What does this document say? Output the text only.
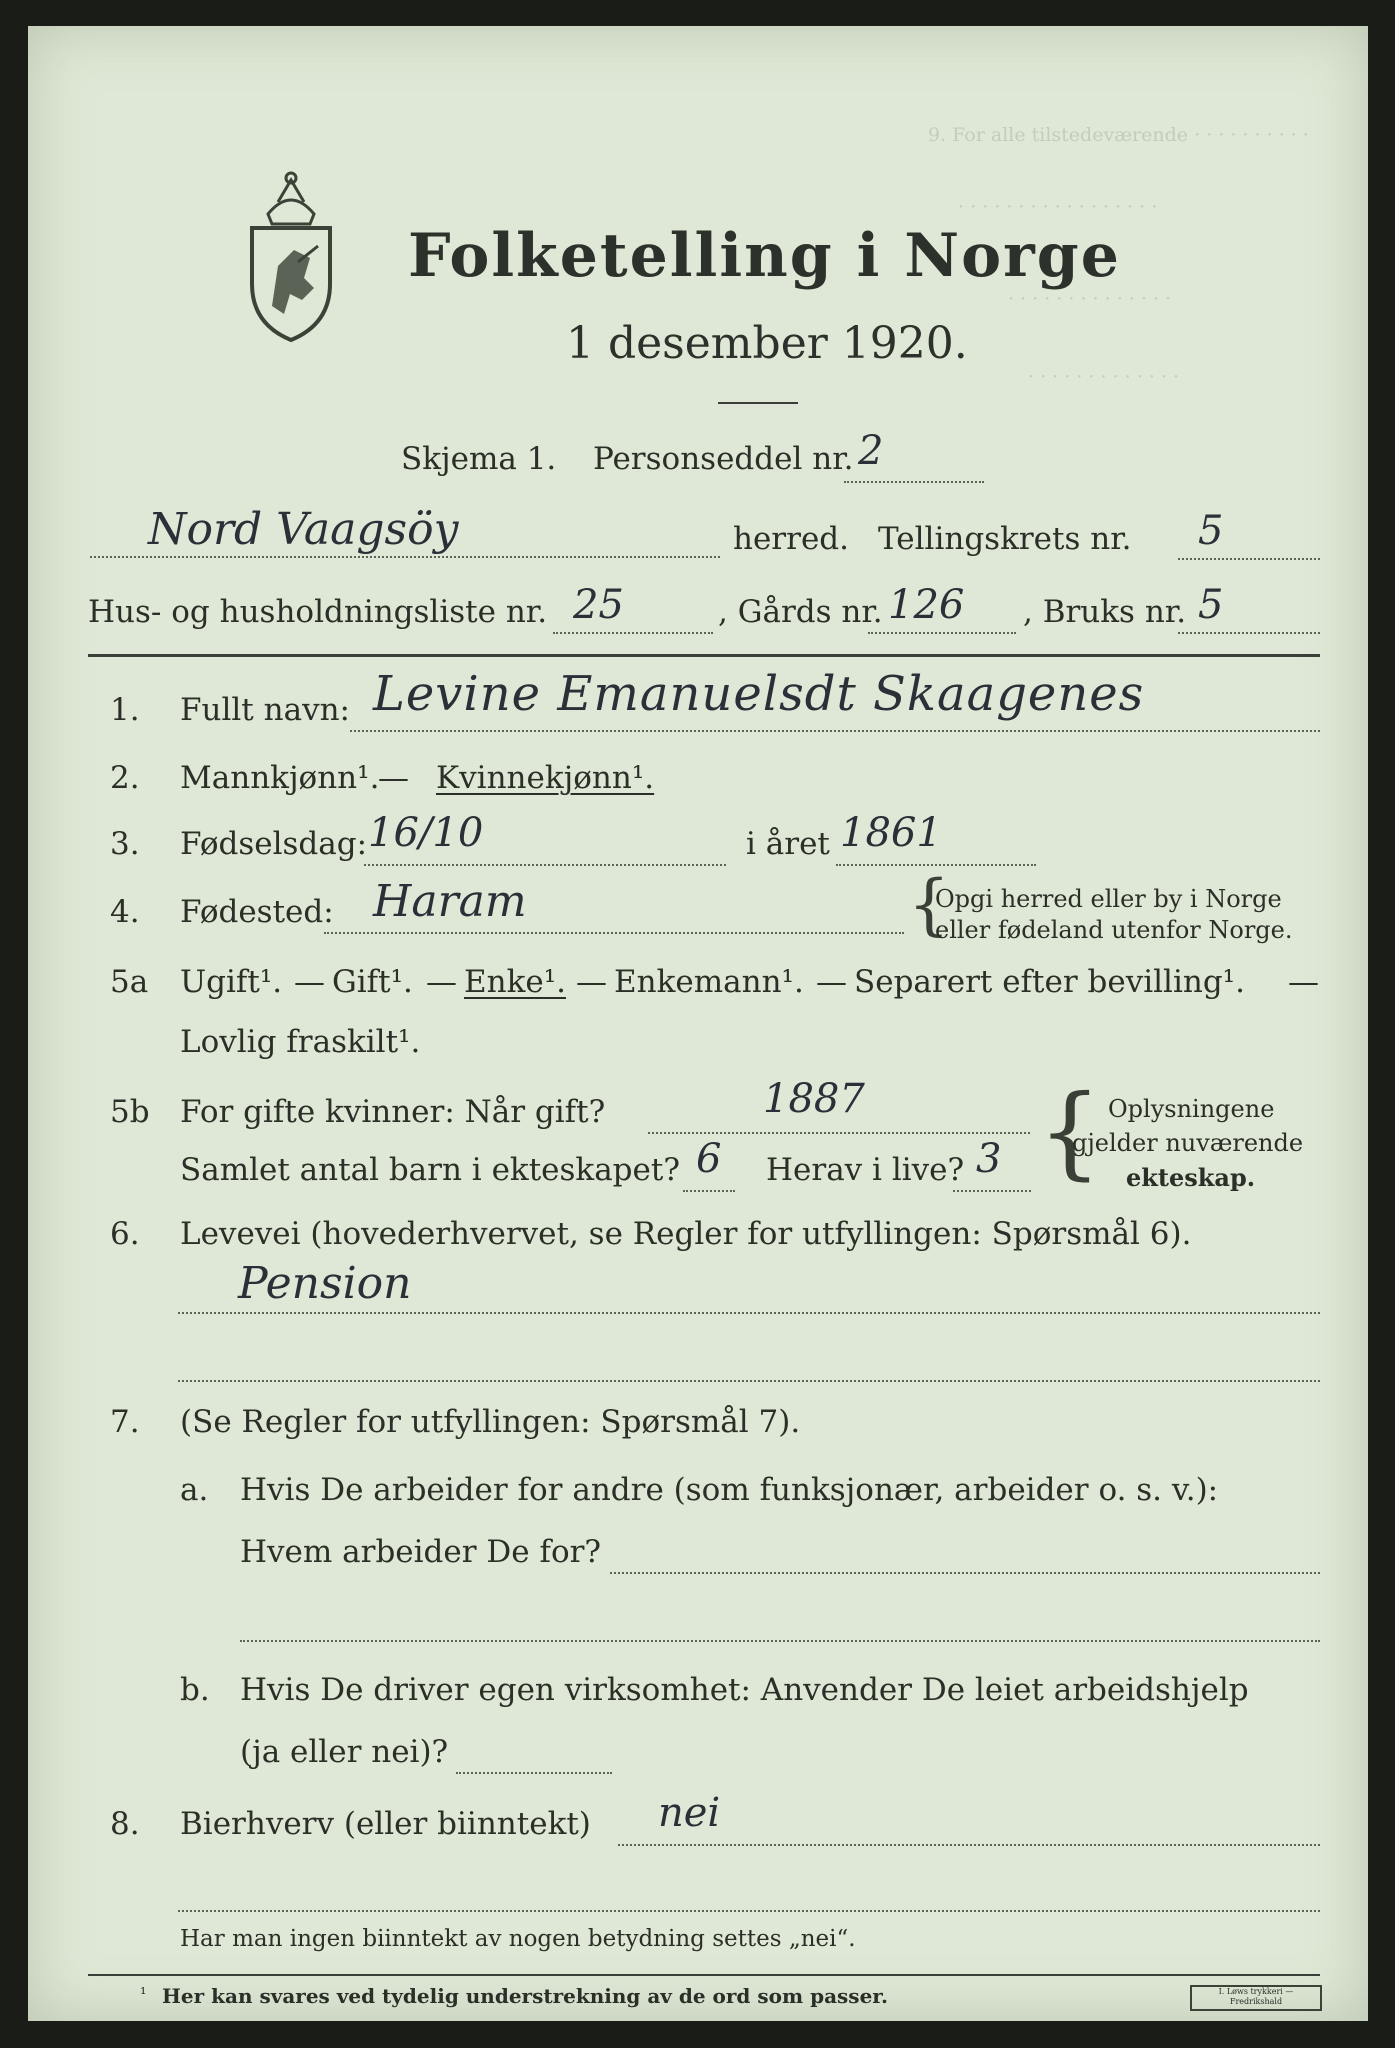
9. For alle tilstedeværende · · · · · · · · · ·
· · · · · · · · · · · · · · · · ·
· · · · · · · · · · · · · ·
· · · · · · · · · · · · ·
Folketelling i Norge
1 desember 1920.
Skjema 1. Personseddel nr. 2
Nord Vaagsöy	herred. Tellingskrets nr. 5
Hus- og husholdningsliste nr. 25	, Gårds nr. 126 , Bruks nr. 5
1. Fullt navn: Levine Emanuelsdt Skaagenes
2. Mannkjønn¹.
— Kvinnekjønn¹.
3. Fødselsdag: 16/10	i året 1861
4. Fødested: Haram	{
Opgi herred eller by i Norge
eller fødeland utenfor Norge.
5a Ugift¹. — Gift¹. — Enke¹. — Enkemann¹. — Separert efter bevilling¹. —
Lovlig fraskilt¹.
5b For gifte kvinner: Når gift?	1887
Samlet antal barn i ekteskapet? 6 Herav i live? 3 { Oplysningene
gjelder nuværende
ekteskap.
6. Levevei (hovederhvervet, se Regler for utfyllingen: Spørsmål 6).
Pension
7. (Se Regler for utfyllingen: Spørsmål 7).
a. Hvis De arbeider for andre (som funksjonær, arbeider o. s. v.):
Hvem arbeider De for?
b. Hvis De driver egen virksomhet: Anvender De leiet arbeidshjelp
(ja eller nei)?
8. Bierhverv (eller biinntekt) nei
Har man ingen biinntekt av nogen betydning settes „nei“.
¹ Her kan svares ved tydelig understrekning av de ord som passer.	I. Løws trykkeri — Fredrikshald
